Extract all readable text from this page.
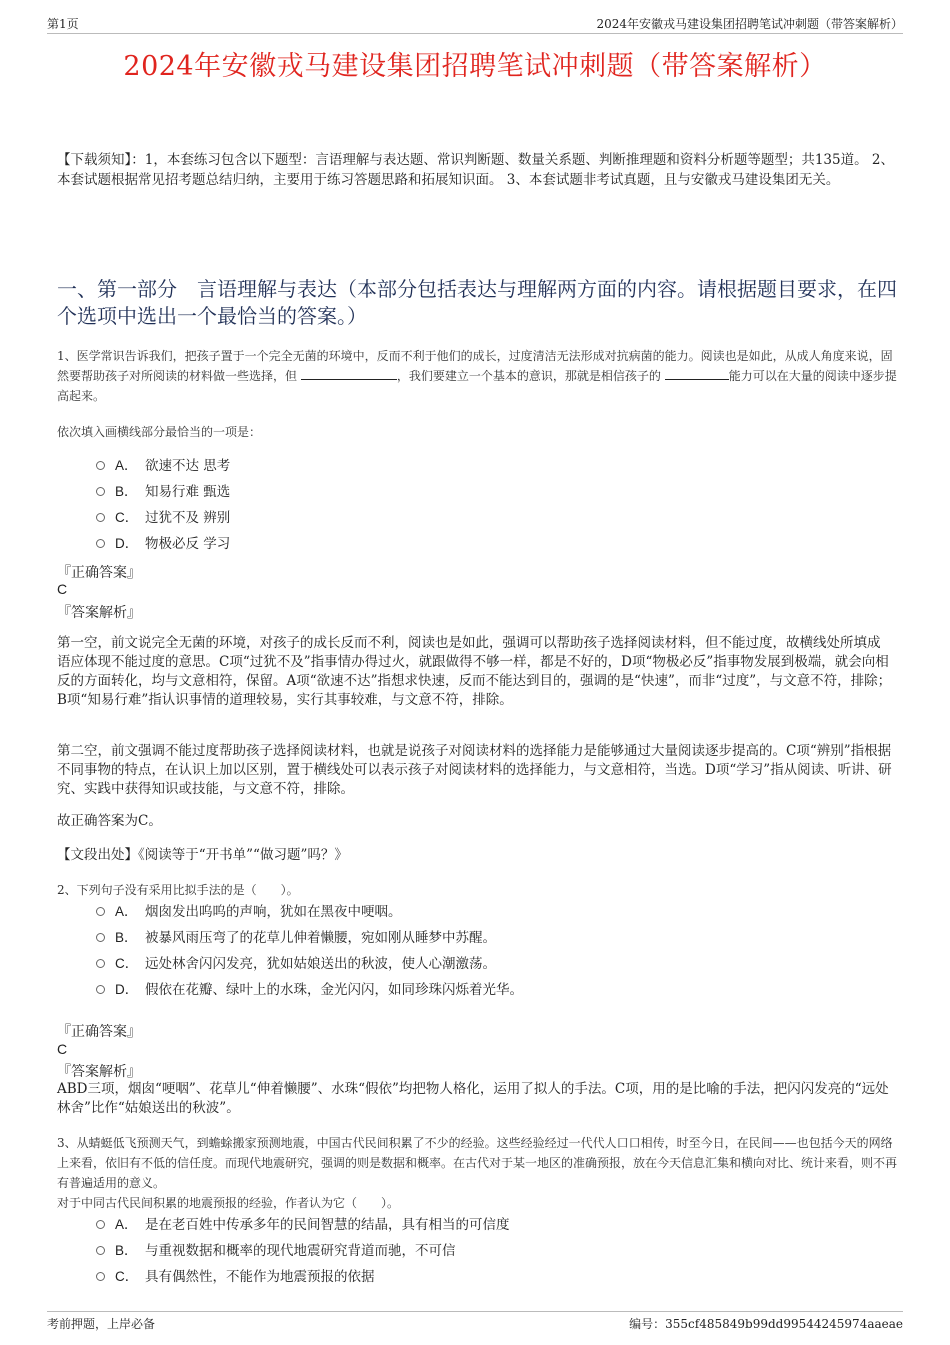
第1页	2024年安徽戎马建设集团招聘笔试冲刺题（带答案解析）
2024年安徽戎马建设集团招聘笔试冲刺题（带答案解析）
【下载须知】：1，本套练习包含以下题型：言语理解与表达题、常识判断题、数量关系题、判断推理题和资料分析题等题型；共135道。 2、本套试题根据常见招考题总结归纳，主要用于练习答题思路和拓展知识面。 3、本套试题非考试真题，且与安徽戎马建设集团无关。
一、第一部分　言语理解与表达（本部分包括表达与理解两方面的内容。请根据题目要求，在四个选项中选出一个最恰当的答案。）
1、医学常识告诉我们，把孩子置于一个完全无菌的环境中，反而不利于他们的成长，过度清洁无法形成对抗病菌的能力。阅读也是如此，从成人角度来说，固然要帮助孩子对所阅读的材料做一些选择，但	，我们要建立一个基本的意识，那就是相信孩子的	能力可以在大量的阅读中逐步提高起来。
依次填入画横线部分最恰当的一项是：
A． 欲速不达 思考
B． 知易行难 甄选
C． 过犹不及 辨别
D． 物极必反 学习
『正确答案』
C
『答案解析』
第一空，前文说完全无菌的环境，对孩子的成长反而不利，阅读也是如此，强调可以帮助孩子选择阅读材料，但不能过度，故横线处所填成语应体现不能过度的意思。C项“过犹不及”指事情办得过火，就跟做得不够一样，都是不好的，D项“物极必反”指事物发展到极端，就会向相反的方面转化，均与文意相符，保留。A项“欲速不达”指想求快速，反而不能达到目的，强调的是“快速”，而非“过度”，与文意不符，排除；B项“知易行难”指认识事情的道理较易，实行其事较难，与文意不符，排除。
第二空，前文强调不能过度帮助孩子选择阅读材料，也就是说孩子对阅读材料的选择能力是能够通过大量阅读逐步提高的。C项“辨别”指根据不同事物的特点，在认识上加以区别，置于横线处可以表示孩子对阅读材料的选择能力，与文意相符，当选。D项“学习”指从阅读、听讲、研究、实践中获得知识或技能，与文意不符，排除。
故正确答案为C。
【文段出处】《阅读等于“开书单”“做习题”吗？》
2、下列句子没有采用比拟手法的是（　　）。
A． 烟囱发出呜呜的声响，犹如在黑夜中哽咽。
B． 被暴风雨压弯了的花草儿伸着懒腰，宛如刚从睡梦中苏醒。
C． 远处林舍闪闪发亮，犹如姑娘送出的秋波，使人心潮激荡。
D． 假依在花瓣、绿叶上的水珠，金光闪闪，如同珍珠闪烁着光华。
『正确答案』
C
『答案解析』
ABD三项，烟囱“哽咽”、花草儿“伸着懒腰”、水珠“假依”均把物人格化，运用了拟人的手法。C项，用的是比喻的手法，把闪闪发亮的“远处林舍”比作“姑娘送出的秋波”。
3、从蜻蜓低飞预测天气，到蟾蜍搬家预测地震，中国古代民间积累了不少的经验。这些经验经过一代代人口口相传，时至今日，在民间——也包括今天的网络上来看，依旧有不低的信任度。而现代地震研究，强调的则是数据和概率。在古代对于某一地区的准确预报，放在今天信息汇集和横向对比、统计来看，则不再有普遍适用的意义。
对于中同古代民间积累的地震预报的经验，作者认为它（　　）。
A． 是在老百姓中传承多年的民间智慧的结晶，具有相当的可信度
B． 与重视数据和概率的现代地震研究背道而驰，不可信
C． 具有偶然性，不能作为地震预报的依据
考前押题，上岸必备	编号：355cf485849b99dd99544245974aaeae
